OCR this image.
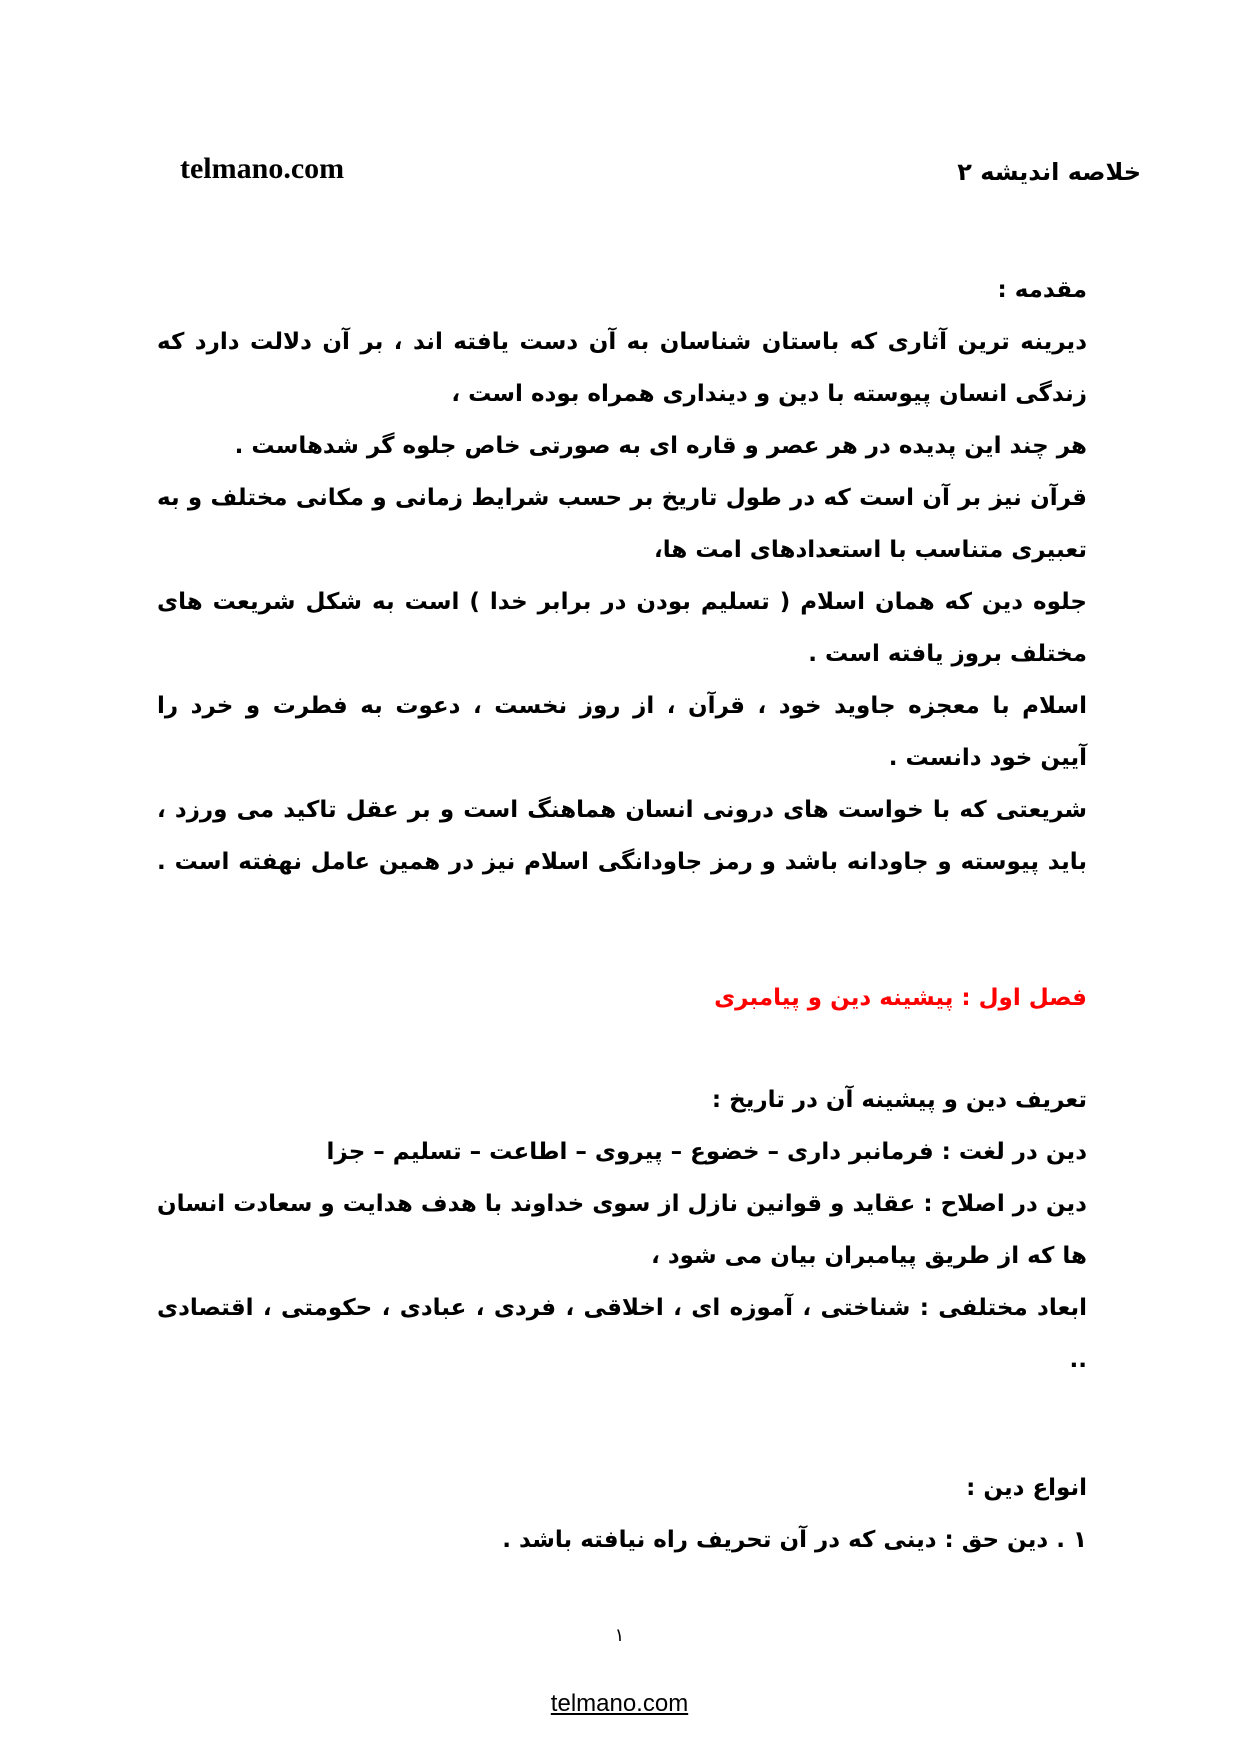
telmano.com	خلاصه اندیشه ۲
مقدمه :
دیرینه ترین آثاری که باستان شناسان به آن دست یافته اند ، بر آن دلالت دارد که
زندگی انسان پیوسته با دین و دینداری همراه بوده است ،
هر چند این پدیده در هر عصر و قاره ای به صورتی خاص جلوه گر شدهاست .
قرآن نیز بر آن است که در طول تاریخ بر حسب شرایط زمانی و مکانی مختلف و به
تعبیری متناسب با استعدادهای امت ها،
جلوه دین که همان اسلام ( تسلیم بودن در برابر خدا ) است به شکل شریعت های
مختلف بروز یافته است .
اسلام با معجزه جاوید خود ، قرآن ، از روز نخست ، دعوت به فطرت و خرد را
آیین خود دانست .
شریعتی که با خواست های درونی انسان هماهنگ است و بر عقل تاکید می ورزد ،
باید پیوسته و جاودانه باشد و رمز جاودانگی اسلام نیز در همین عامل نهفته است .
فصل اول : پیشینه دین و پیامبری
تعریف دین و پیشینه آن در تاریخ :
دین در لغت : فرمانبر داری – خضوع – پیروی – اطاعت – تسلیم – جزا
دین در اصلاح : عقاید و قوانین نازل از سوی خداوند با هدف هدایت و سعادت انسان
ها که از طریق پیامبران بیان می شود ،
ابعاد مختلفی : شناختی ، آموزه ای ، اخلاقی ، فردی ، عبادی ، حکومتی ، اقتصادی
..
انواع دین :
۱ . دین حق : دینی که در آن تحریف راه نیافته باشد .
۱
telmano.com
